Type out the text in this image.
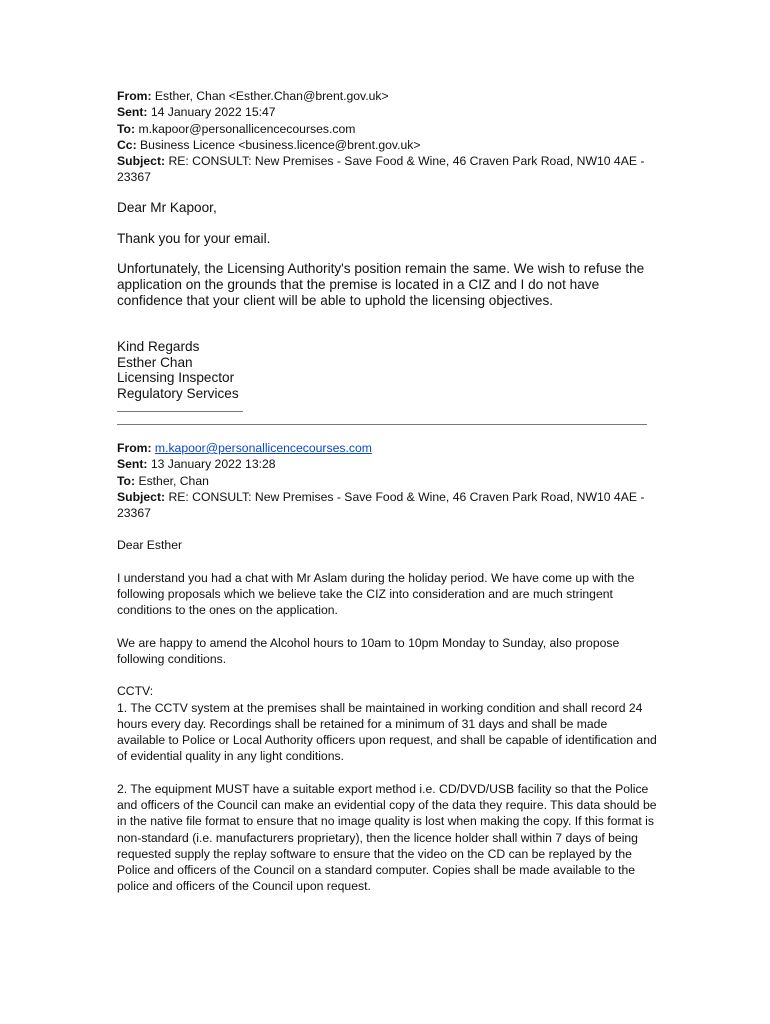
From: Esther, Chan <Esther.Chan@brent.gov.uk>

Sent: 14 January 2022 15:47

To: m.kapoor@personallicencecourses.com

Cc: Business Licence <business.licence@brent.gov.uk>

Subject: RE: CONSULT: New Premises - Save Food & Wine, 46 Craven Park Road, NW10 4AE - 23367

Dear Mr Kapoor,

Thank you for your email.

Unfortunately, the Licensing Authority's position remain the same. We wish to refuse the application on the grounds that the premise is located in a CIZ and I do not have confidence that your client will be able to uphold the licensing objectives.

Kind Regards

Esther Chan

Licensing Inspector

Regulatory Services

From: m.kapoor@personallicencecourses.com

Sent: 13 January 2022 13:28

To: Esther, Chan

Subject: RE: CONSULT: New Premises - Save Food & Wine, 46 Craven Park Road, NW10 4AE - 23367

Dear Esther

I understand you had a chat with Mr Aslam during the holiday period. We have come up with the following proposals which we believe take the CIZ into consideration and are much stringent conditions to the ones on the application.

We are happy to amend the Alcohol hours to 10am to 10pm Monday to Sunday, also propose following conditions.

CCTV:

1. The CCTV system at the premises shall be maintained in working condition and shall record 24 hours every day. Recordings shall be retained for a minimum of 31 days and shall be made available to Police or Local Authority officers upon request, and shall be capable of identification and of evidential quality in any light conditions.

2. The equipment MUST have a suitable export method i.e. CD/DVD/USB facility so that the Police and officers of the Council can make an evidential copy of the data they require. This data should be in the native file format to ensure that no image quality is lost when making the copy. If this format is non-standard (i.e. manufacturers proprietary), then the licence holder shall within 7 days of being requested supply the replay software to ensure that the video on the CD can be replayed by the Police and officers of the Council on a standard computer. Copies shall be made available to the police and officers of the Council upon request.
